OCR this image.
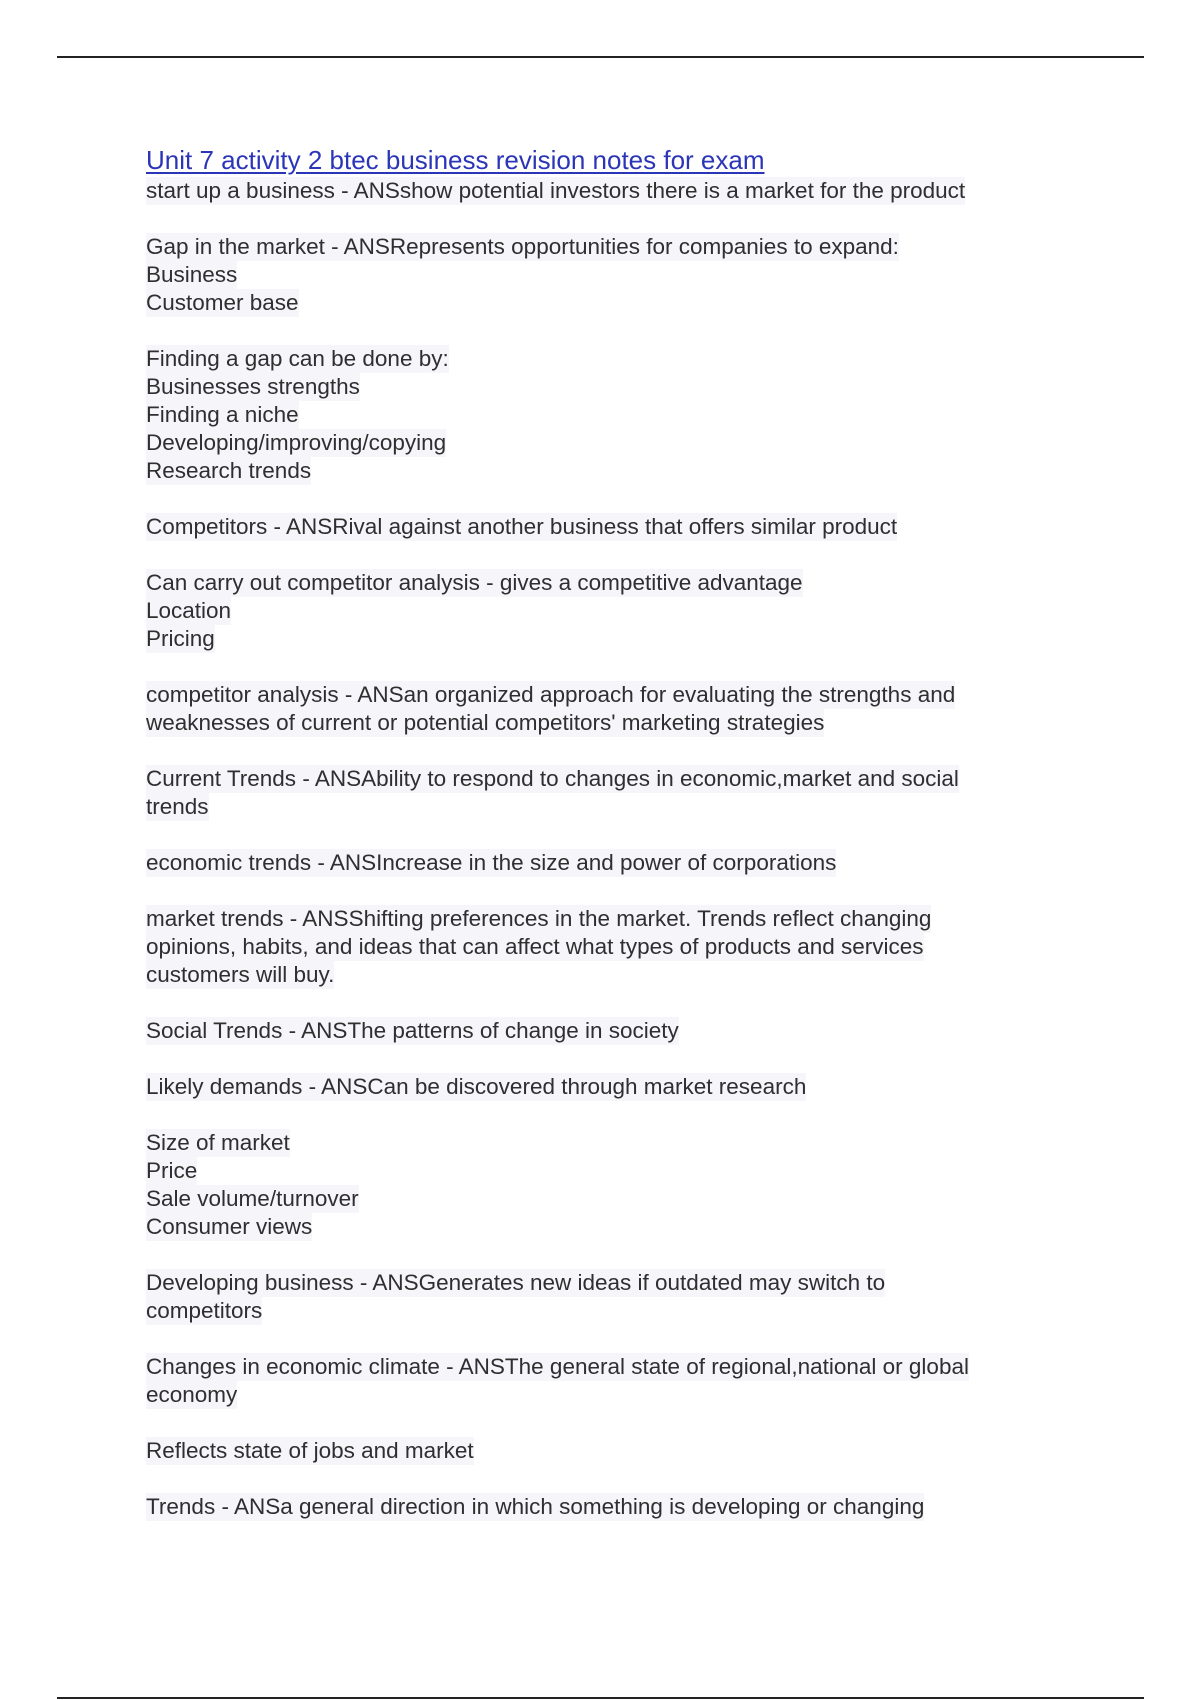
Unit 7 activity 2 btec business revision notes for exam
start up a business - ANSshow potential investors there is a market for the product
Gap in the market - ANSRepresents opportunities for companies to expand:
Business
Customer base
Finding a gap can be done by:
Businesses strengths
Finding a niche
Developing/improving/copying
Research trends
Competitors - ANSRival against another business that offers similar product
Can carry out competitor analysis - gives a competitive advantage
Location
Pricing
competitor analysis - ANSan organized approach for evaluating the strengths and
weaknesses of current or potential competitors' marketing strategies
Current Trends - ANSAbility to respond to changes in economic,market and social
trends
economic trends - ANSIncrease in the size and power of corporations
market trends - ANSShifting preferences in the market. Trends reflect changing
opinions, habits, and ideas that can affect what types of products and services
customers will buy.
Social Trends - ANSThe patterns of change in society
Likely demands - ANSCan be discovered through market research
Size of market
Price
Sale volume/turnover
Consumer views
Developing business - ANSGenerates new ideas if outdated may switch to
competitors
Changes in economic climate - ANSThe general state of regional,national or global
economy
Reflects state of jobs and market
Trends - ANSa general direction in which something is developing or changing
